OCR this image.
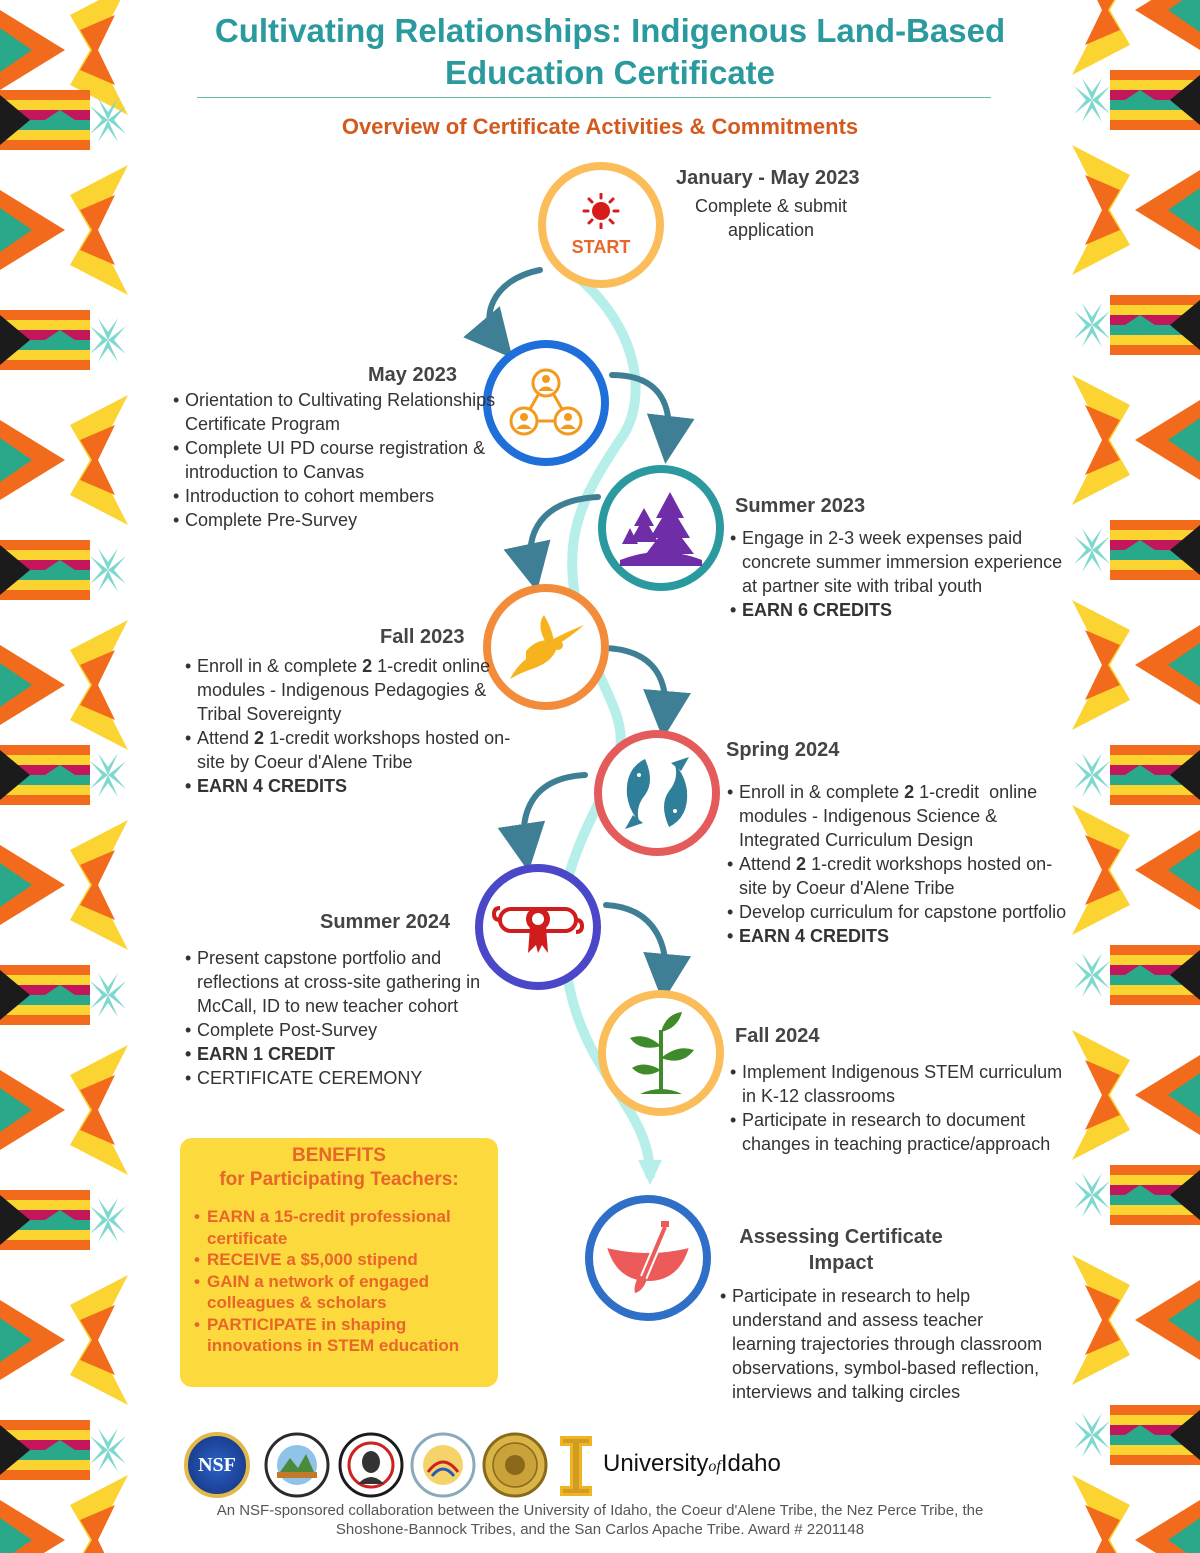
Cultivating Relationships: Indigenous Land-Based Education Certificate
Overview of Certificate Activities & Commitments
START
January - May 2023
Complete & submit application
May 2023
• Orientation to Cultivating Relationships Certificate Program
• Complete UI PD course registration & introduction to Canvas
• Introduction to cohort members
• Complete Pre-Survey
Summer 2023
• Engage in 2-3 week expenses paid concrete summer immersion experience at partner site with tribal youth
• EARN 6 CREDITS
Fall 2023
• Enroll in & complete 2 1-credit online modules - Indigenous Pedagogies & Tribal Sovereignty
• Attend 2 1-credit workshops hosted on-site by Coeur d'Alene Tribe
• EARN 4 CREDITS
Spring 2024
• Enroll in & complete 2 1-credit  online modules - Indigenous Science & Integrated Curriculum Design
• Attend 2 1-credit workshops hosted on-site by Coeur d'Alene Tribe
• Develop curriculum for capstone portfolio
• EARN 4 CREDITS
Summer 2024
• Present capstone portfolio and reflections at cross-site gathering in McCall, ID to new teacher cohort
• Complete Post-Survey
• EARN 1 CREDIT
• CERTIFICATE CEREMONY
Fall 2024
• Implement Indigenous STEM curriculum in K-12 classrooms
• Participate in research to document changes in teaching practice/approach
Assessing Certificate Impact
• Participate in research to help understand and assess teacher learning trajectories through classroom observations, symbol-based reflection, interviews and talking circles
BENEFITS
for Participating Teachers:
• EARN a 15-credit professional certificate
• RECEIVE a $5,000 stipend
• GAIN a network of engaged colleagues & scholars
• PARTICIPATE in shaping innovations in STEM education
NSF	UniversityofIdaho
An NSF-sponsored collaboration between the University of Idaho, the Coeur d'Alene Tribe, the Nez Perce Tribe, the
Shoshone-Bannock Tribes, and the San Carlos Apache Tribe. Award # 2201148
